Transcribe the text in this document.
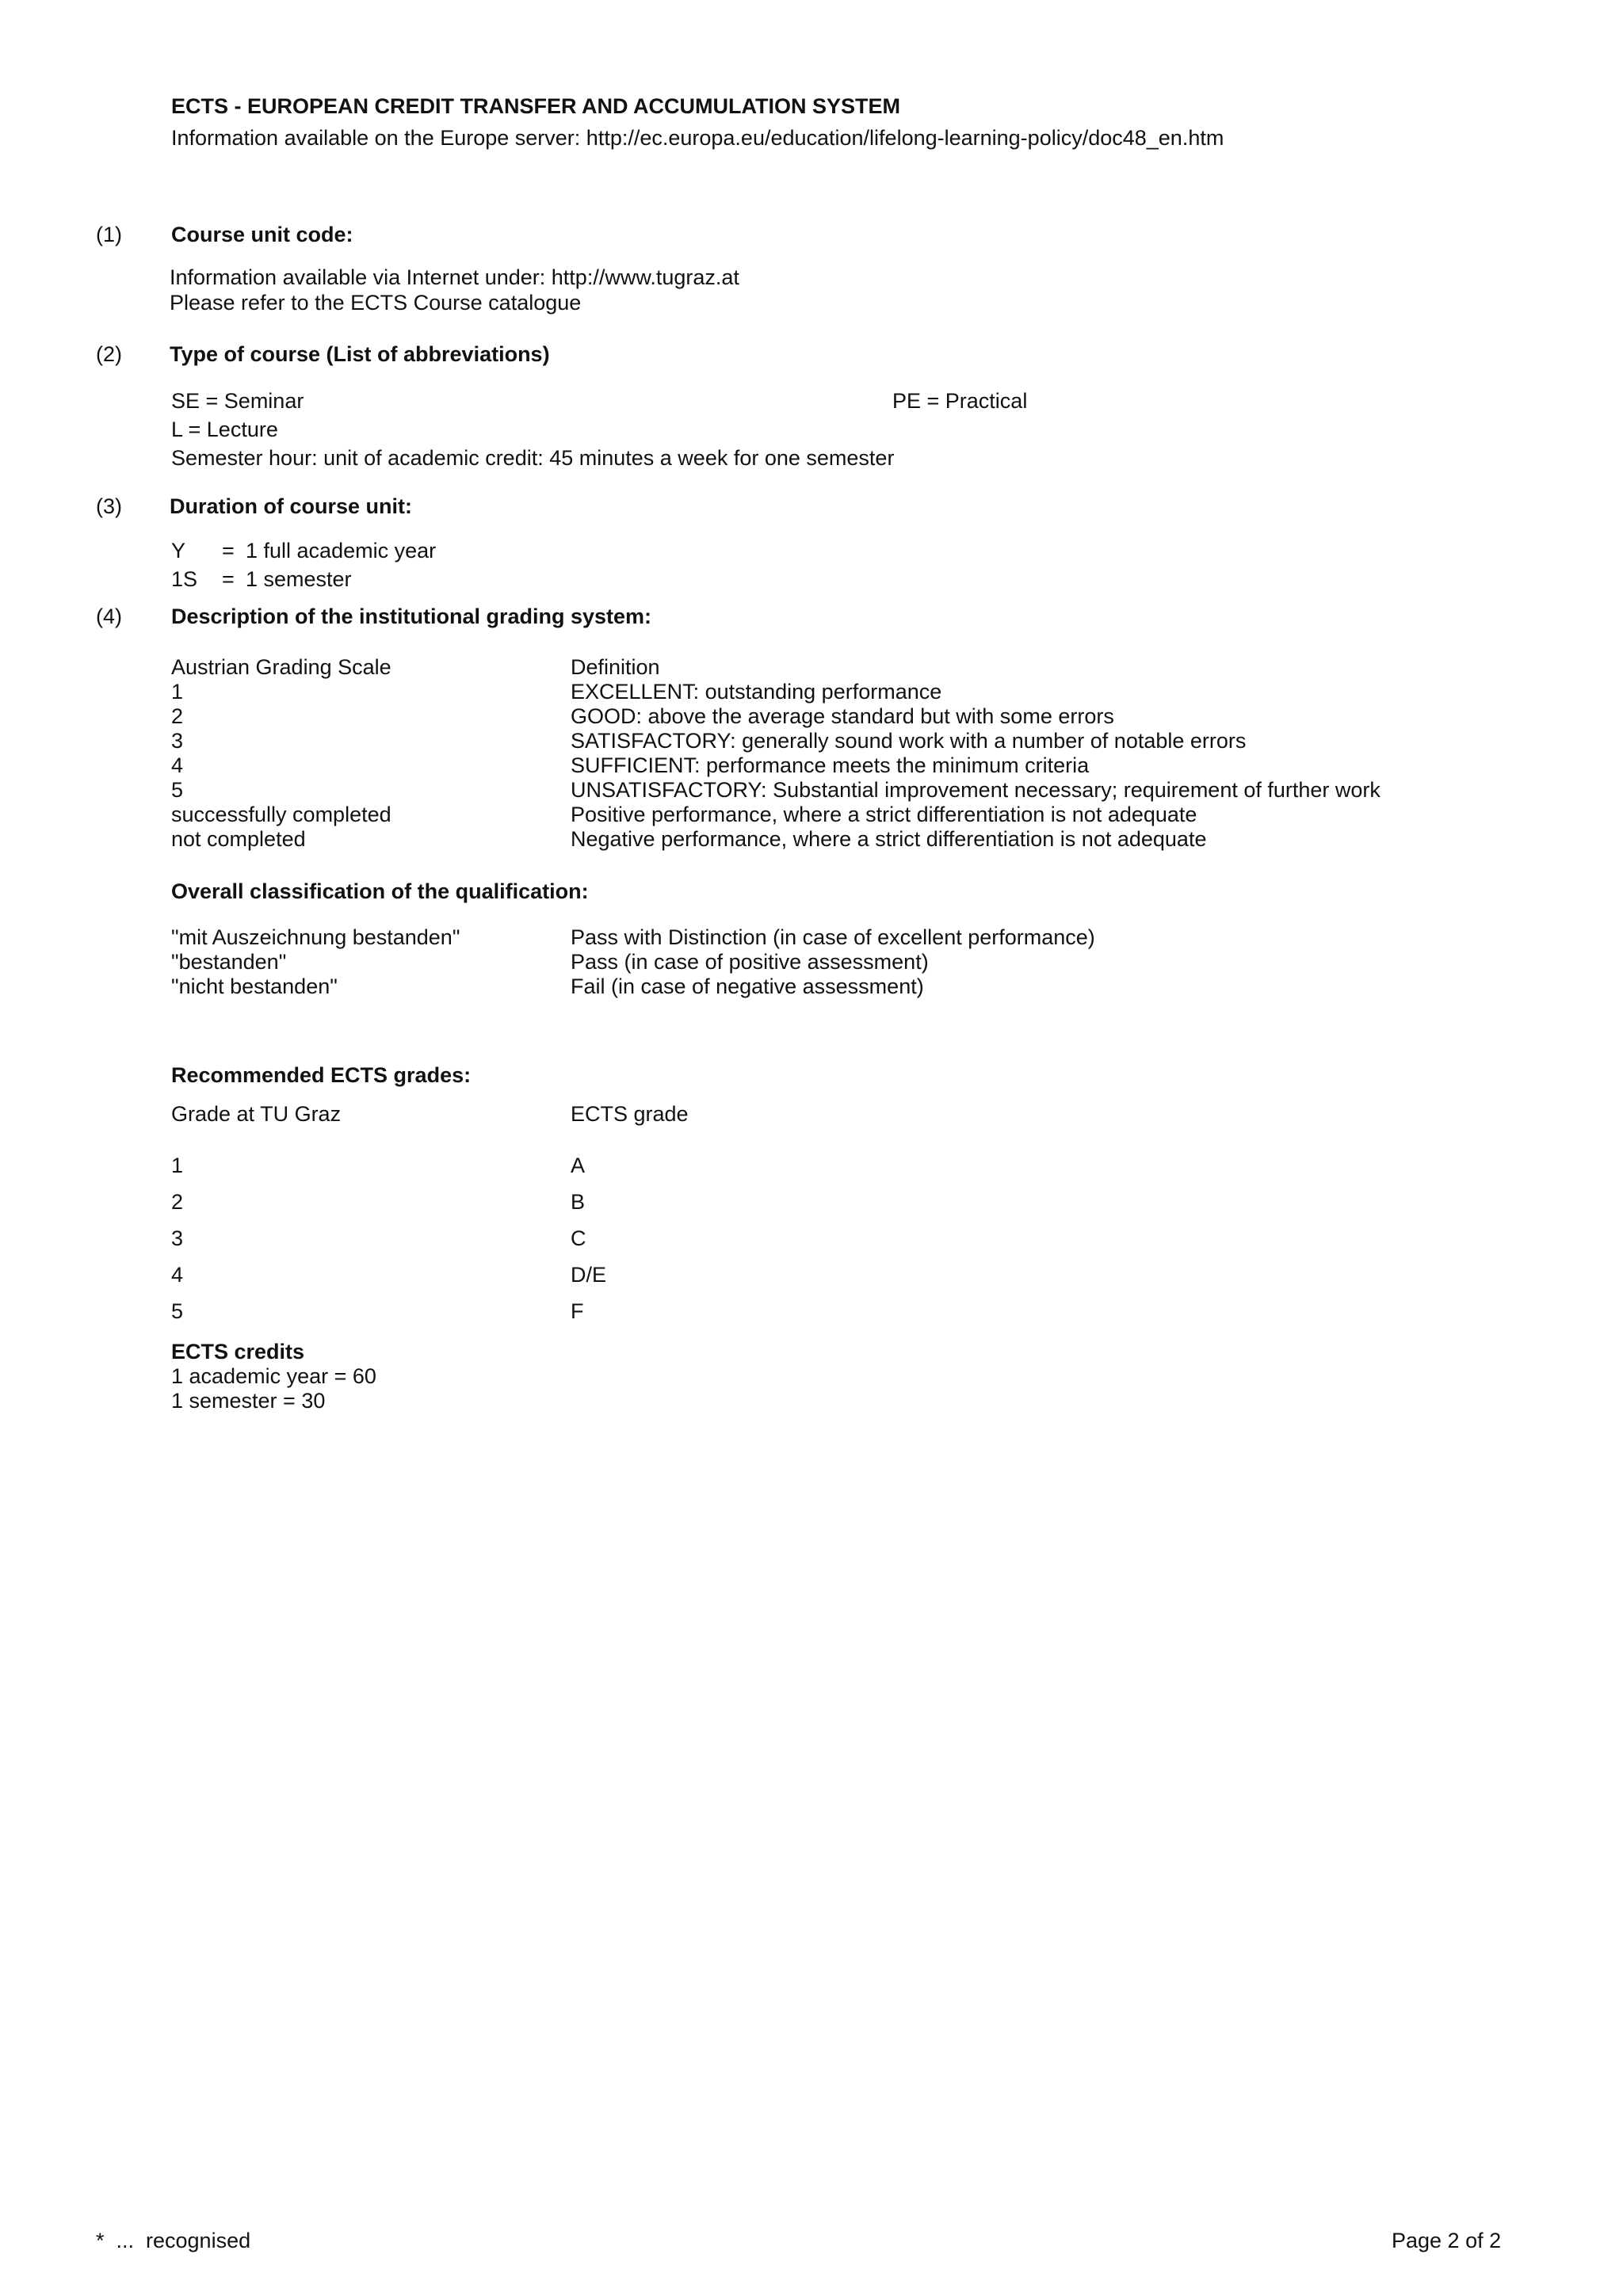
ECTS - EUROPEAN CREDIT TRANSFER AND ACCUMULATION SYSTEM
Information available on the Europe server: http://ec.europa.eu/education/lifelong-learning-policy/doc48_en.htm
(1) Course unit code:
Information available via Internet under: http://www.tugraz.at
Please refer to the ECTS Course catalogue
(2) Type of course (List of abbreviations)
SE = Seminar	PE = Practical
L = Lecture
Semester hour: unit of academic credit: 45 minutes a week for one semester
(3) Duration of course unit:
Y = 1 full academic year
1S = 1 semester
(4) Description of the institutional grading system:
Austrian Grading Scale	Definition
1	EXCELLENT: outstanding performance
2	GOOD: above the average standard but with some errors
3	SATISFACTORY: generally sound work with a number of notable errors
4	SUFFICIENT: performance meets the minimum criteria
5	UNSATISFACTORY: Substantial improvement necessary; requirement of further work
successfully completed	Positive performance, where a strict differentiation is not adequate
not completed	Negative performance, where a strict differentiation is not adequate
Overall classification of the qualification:
"mit Auszeichnung bestanden"	Pass with Distinction (in case of excellent performance)
"bestanden"	Pass (in case of positive assessment)
"nicht bestanden"	Fail (in case of negative assessment)
Recommended ECTS grades:
Grade at TU Graz	ECTS grade
1	A
2	B
3	C
4	D/E
5	F
ECTS credits
1 academic year = 60
1 semester = 30
*  ...  recognised	Page 2 of 2
